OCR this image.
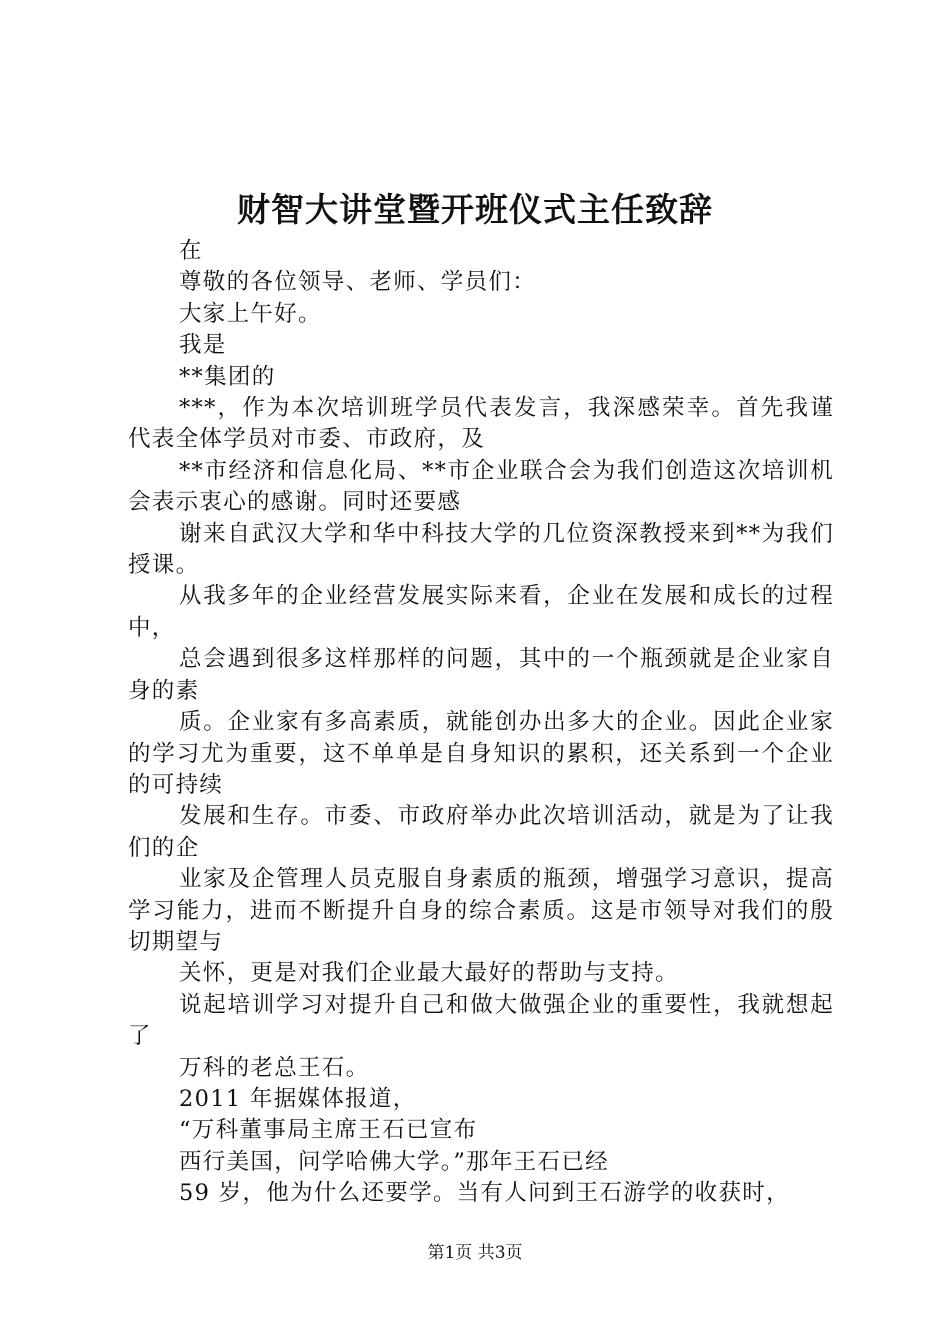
财智大讲堂暨开班仪式主任致辞

在

尊敬的各位领导、老师、学员们：

大家上午好。

我是

**集团的

***，作为本次培训班学员代表发言，我深感荣幸。首先我谨代表全体学员对市委、市政府，及

**市经济和信息化局、**市企业联合会为我们创造这次培训机会表示衷心的感谢。同时还要感

谢来自武汉大学和华中科技大学的几位资深教授来到**为我们授课。

从我多年的企业经营发展实际来看，企业在发展和成长的过程中，

总会遇到很多这样那样的问题，其中的一个瓶颈就是企业家自身的素

质。企业家有多高素质，就能创办出多大的企业。因此企业家的学习尤为重要，这不单单是自身知识的累积，还关系到一个企业的可持续

发展和生存。市委、市政府举办此次培训活动，就是为了让我们的企

业家及企管理人员克服自身素质的瓶颈，增强学习意识，提高学习能力，进而不断提升自身的综合素质。这是市领导对我们的殷切期望与

关怀，更是对我们企业最大最好的帮助与支持。

说起培训学习对提升自己和做大做强企业的重要性，我就想起了

万科的老总王石。

2011 年据媒体报道，

“万科董事局主席王石已宣布

西行美国，问学哈佛大学。”那年王石已经

59 岁，他为什么还要学。当有人问到王石游学的收获时，

第1页 共3页
